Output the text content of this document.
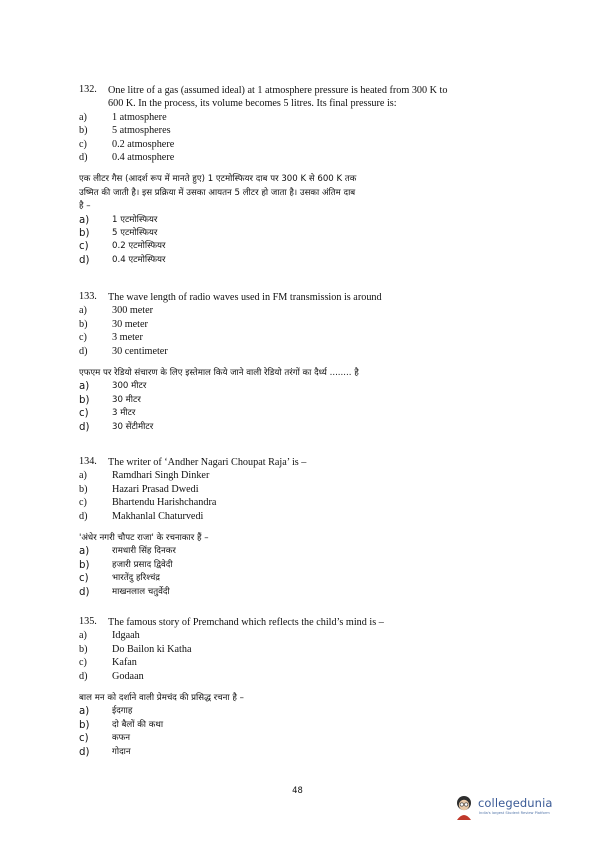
132. One litre of a gas (assumed ideal) at 1 atmosphere pressure is heated from 300 K to
600 K. In the process, its volume becomes 5 litres. Its final pressure is:
a)	1 atmosphere
b)	5 atmospheres
c)	0.2 atmosphere
d)	0.4 atmosphere
एक लीटर गैस (आदर्श रूप में मानते हुए) 1 एटमोस्फियर दाब पर 300 K से 600 K तक
उष्मित की जाती है। इस प्रक्रिया में उसका आयतन 5 लीटर हो जाता है। उसका अंतिम दाब
है –
a)	1 एटमोस्फियर
b)	5 एटमोस्फियर
c)	0.2 एटमोस्फियर
d)	0.4 एटमोस्फियर
133. The wave length of radio waves used in FM transmission is around
a)	300 meter
b)	30 meter
c)	3 meter
d)	30 centimeter
एफएम पर रेडियो संचारण के लिए इस्तेमाल किये जाने वाली रेडियो तरंगों का दैर्ध्य ........ है
a)	300 मीटर
b)	30 मीटर
c)	3 मीटर
d)	30 सेंटीमीटर
134. The writer of ‘Andher Nagari Choupat Raja’ is –
a)	Ramdhari Singh Dinker
b)	Hazari Prasad Dwedi
c)	Bhartendu Harishchandra
d)	Makhanlal Chaturvedi
'अंधेर नगरी चौपट राजा' के रचनाकार हैं –
a)	रामधारी सिंह दिनकर
b)	हजारी प्रसाद द्विवेदी
c)	भारतेंदु हरिश्चंद्र
d)	माखनलाल चतुर्वेदी
135. The famous story of Premchand which reflects the child’s mind is –
a)	Idgaah
b)	Do Bailon ki Katha
c)	Kafan
d)	Godaan
बाल मन को दर्शाने वाली प्रेमचंद की प्रसिद्ध रचना है –
a)	ईदगाह
b)	दो बैलों की कथा
c)	कफन
d)	गोदान
48
collegedunia
India's largest Student Review Platform
